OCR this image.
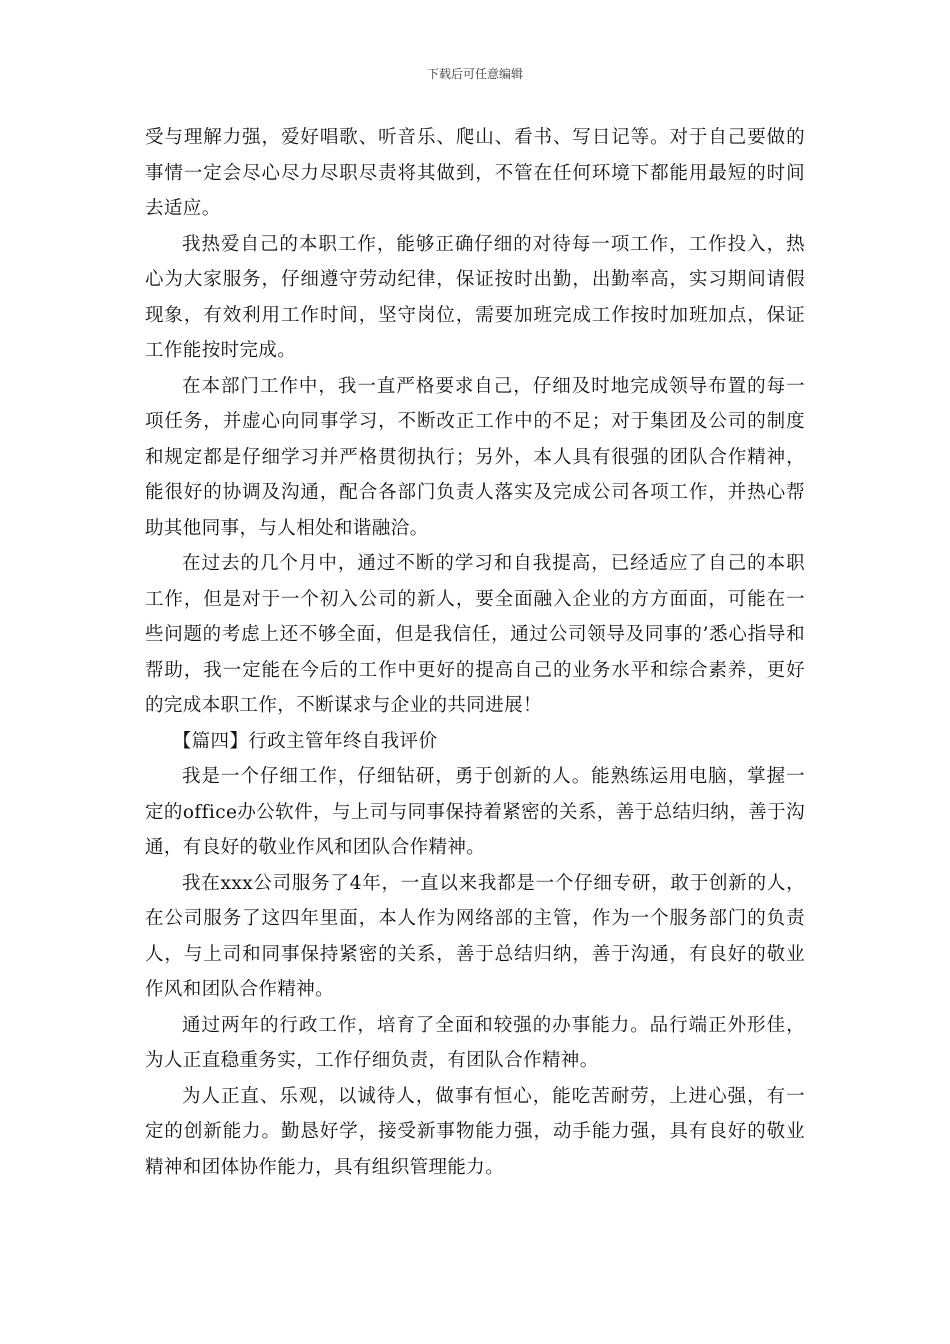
下载后可任意编辑

受与理解力强，爱好唱歌、听音乐、爬山、看书、写日记等。对于自己要做的事情一定会尽心尽力尽职尽责将其做到，不管在任何环境下都能用最短的时间去适应。

我热爱自己的本职工作，能够正确仔细的对待每一项工作，工作投入，热心为大家服务，仔细遵守劳动纪律，保证按时出勤，出勤率高，实习期间请假现象，有效利用工作时间，坚守岗位，需要加班完成工作按时加班加点，保证工作能按时完成。

在本部门工作中，我一直严格要求自己，仔细及时地完成领导布置的每一项任务，并虚心向同事学习，不断改正工作中的不足；对于集团及公司的制度和规定都是仔细学习并严格贯彻执行；另外，本人具有很强的团队合作精神，能很好的协调及沟通，配合各部门负责人落实及完成公司各项工作，并热心帮助其他同事，与人相处和谐融洽。

在过去的几个月中，通过不断的学习和自我提高，已经适应了自己的本职工作，但是对于一个初入公司的新人，要全面融入企业的方方面面，可能在一些问题的考虑上还不够全面，但是我信任，通过公司领导及同事的’悉心指导和帮助，我一定能在今后的工作中更好的提高自己的业务水平和综合素养，更好的完成本职工作，不断谋求与企业的共同进展！

【篇四】行政主管年终自我评价

我是一个仔细工作，仔细钻研，勇于创新的人。能熟练运用电脑，掌握一定的office办公软件，与上司与同事保持着紧密的关系，善于总结归纳，善于沟通，有良好的敬业作风和团队合作精神。

我在xxx公司服务了4年，一直以来我都是一个仔细专研，敢于创新的人，在公司服务了这四年里面，本人作为网络部的主管，作为一个服务部门的负责人，与上司和同事保持紧密的关系，善于总结归纳，善于沟通，有良好的敬业作风和团队合作精神。

通过两年的行政工作，培育了全面和较强的办事能力。品行端正外形佳，为人正直稳重务实，工作仔细负责，有团队合作精神。

为人正直、乐观，以诚待人，做事有恒心，能吃苦耐劳，上进心强，有一定的创新能力。勤恳好学，接受新事物能力强，动手能力强，具有良好的敬业精神和团体协作能力，具有组织管理能力。
